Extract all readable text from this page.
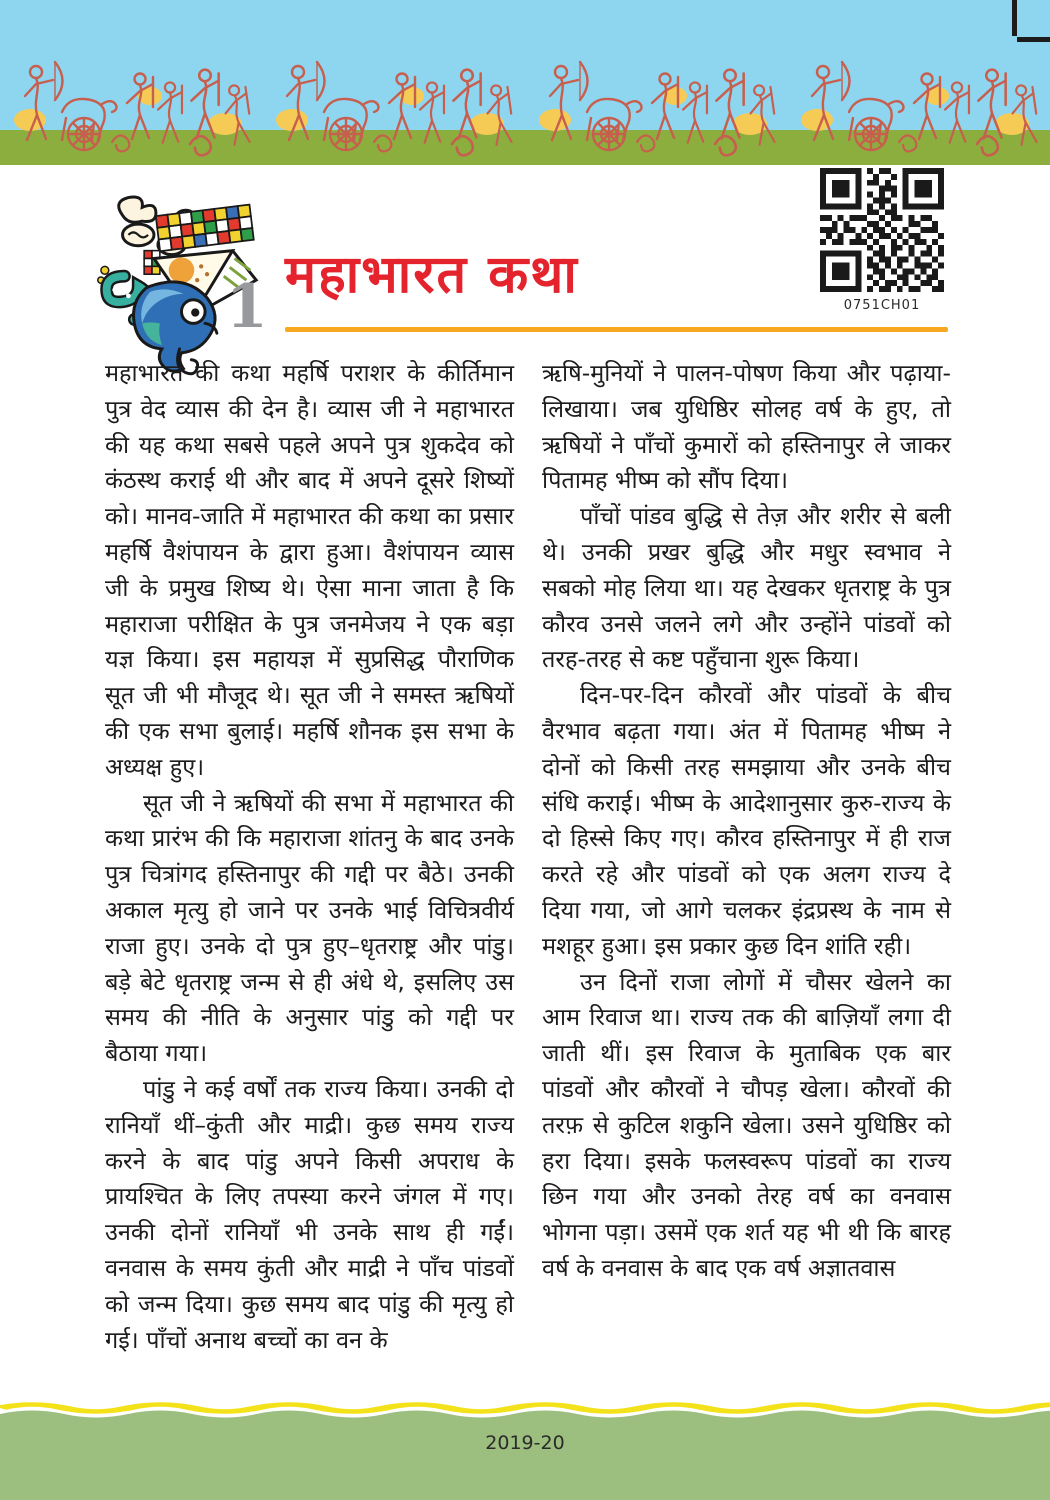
1 महाभारत कथा
0751CH01

महाभारत की कथा महर्षि पराशर के कीर्तिमान पुत्र वेद व्यास की देन है। व्यास जी ने महाभारत की यह कथा सबसे पहले अपने पुत्र शुकदेव को कंठस्थ कराई थी और बाद में अपने दूसरे शिष्यों को। मानव-जाति में महाभारत की कथा का प्रसार महर्षि वैशंपायन के द्वारा हुआ। वैशंपायन व्यास जी के प्रमुख शिष्य थे। ऐसा माना जाता है कि महाराजा परीक्षित के पुत्र जनमेजय ने एक बड़ा यज्ञ किया। इस महायज्ञ में सुप्रसिद्ध पौराणिक सूत जी भी मौजूद थे। सूत जी ने समस्त ऋषियों की एक सभा बुलाई। महर्षि शौनक इस सभा के अध्यक्ष हुए।

सूत जी ने ऋषियों की सभा में महाभारत की कथा प्रारंभ की कि महाराजा शांतनु के बाद उनके पुत्र चित्रांगद हस्तिनापुर की गद्दी पर बैठे। उनकी अकाल मृत्यु हो जाने पर उनके भाई विचित्रवीर्य राजा हुए। उनके दो पुत्र हुए–धृतराष्ट्र और पांडु। बड़े बेटे धृतराष्ट्र जन्म से ही अंधे थे, इसलिए उस समय की नीति के अनुसार पांडु को गद्दी पर बैठाया गया।

पांडु ने कई वर्षों तक राज्य किया। उनकी दो रानियाँ थीं–कुंती और माद्री। कुछ समय राज्य करने के बाद पांडु अपने किसी अपराध के प्रायश्चित के लिए तपस्या करने जंगल में गए। उनकी दोनों रानियाँ भी उनके साथ ही गईं। वनवास के समय कुंती और माद्री ने पाँच पांडवों को जन्म दिया। कुछ समय बाद पांडु की मृत्यु हो गई। पाँचों अनाथ बच्चों का वन के

ऋषि-मुनियों ने पालन-पोषण किया और पढ़ाया-लिखाया। जब युधिष्ठिर सोलह वर्ष के हुए, तो ऋषियों ने पाँचों कुमारों को हस्तिनापुर ले जाकर पितामह भीष्म को सौंप दिया।

पाँचों पांडव बुद्धि से तेज़ और शरीर से बली थे। उनकी प्रखर बुद्धि और मधुर स्वभाव ने सबको मोह लिया था। यह देखकर धृतराष्ट्र के पुत्र कौरव उनसे जलने लगे और उन्होंने पांडवों को तरह-तरह से कष्ट पहुँचाना शुरू किया।

दिन-पर-दिन कौरवों और पांडवों के बीच वैरभाव बढ़ता गया। अंत में पितामह भीष्म ने दोनों को किसी तरह समझाया और उनके बीच संधि कराई। भीष्म के आदेशानुसार कुरु-राज्य के दो हिस्से किए गए। कौरव हस्तिनापुर में ही राज करते रहे और पांडवों को एक अलग राज्य दे दिया गया, जो आगे चलकर इंद्रप्रस्थ के नाम से मशहूर हुआ। इस प्रकार कुछ दिन शांति रही।

उन दिनों राजा लोगों में चौसर खेलने का आम रिवाज था। राज्य तक की बाज़ियाँ लगा दी जाती थीं। इस रिवाज के मुताबिक एक बार पांडवों और कौरवों ने चौपड़ खेला। कौरवों की तरफ़ से कुटिल शकुनि खेला। उसने युधिष्ठिर को हरा दिया। इसके फलस्वरूप पांडवों का राज्य छिन गया और उनको तेरह वर्ष का वनवास भोगना पड़ा। उसमें एक शर्त यह भी थी कि बारह वर्ष के वनवास के बाद एक वर्ष अज्ञातवास

2019-20
